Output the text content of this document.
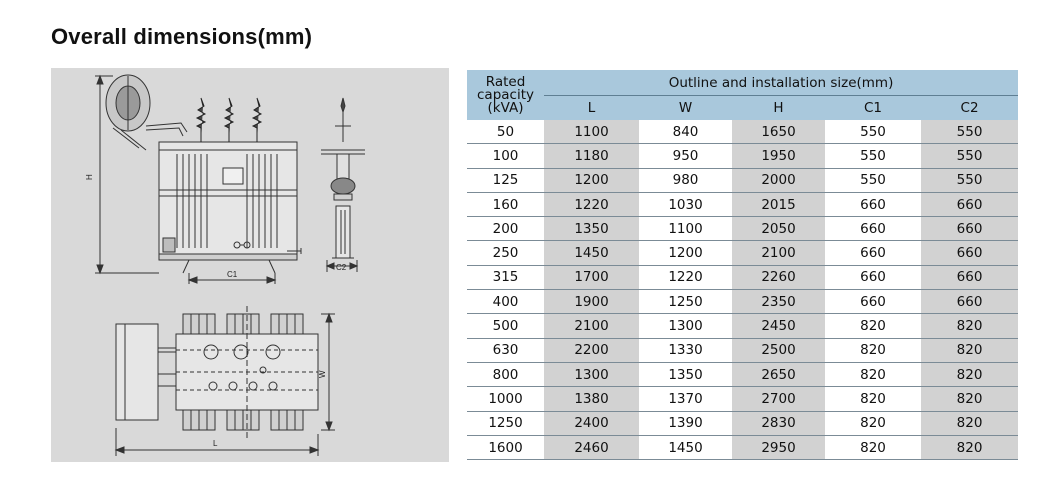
Overall dimensions(mm)
H
C1
C2
W
L
Rated
capacity
(kVA)	Outline and installation size(mm)				
	L	W	H	C1	C2
50	1100	840	1650	550	550
100	1180	950	1950	550	550
125	1200	980	2000	550	550
160	1220	1030	2015	660	660
200	1350	1100	2050	660	660
250	1450	1200	2100	660	660
315	1700	1220	2260	660	660
400	1900	1250	2350	660	660
500	2100	1300	2450	820	820
630	2200	1330	2500	820	820
800	1300	1350	2650	820	820
1000	1380	1370	2700	820	820
1250	2400	1390	2830	820	820
1600	2460	1450	2950	820	820
